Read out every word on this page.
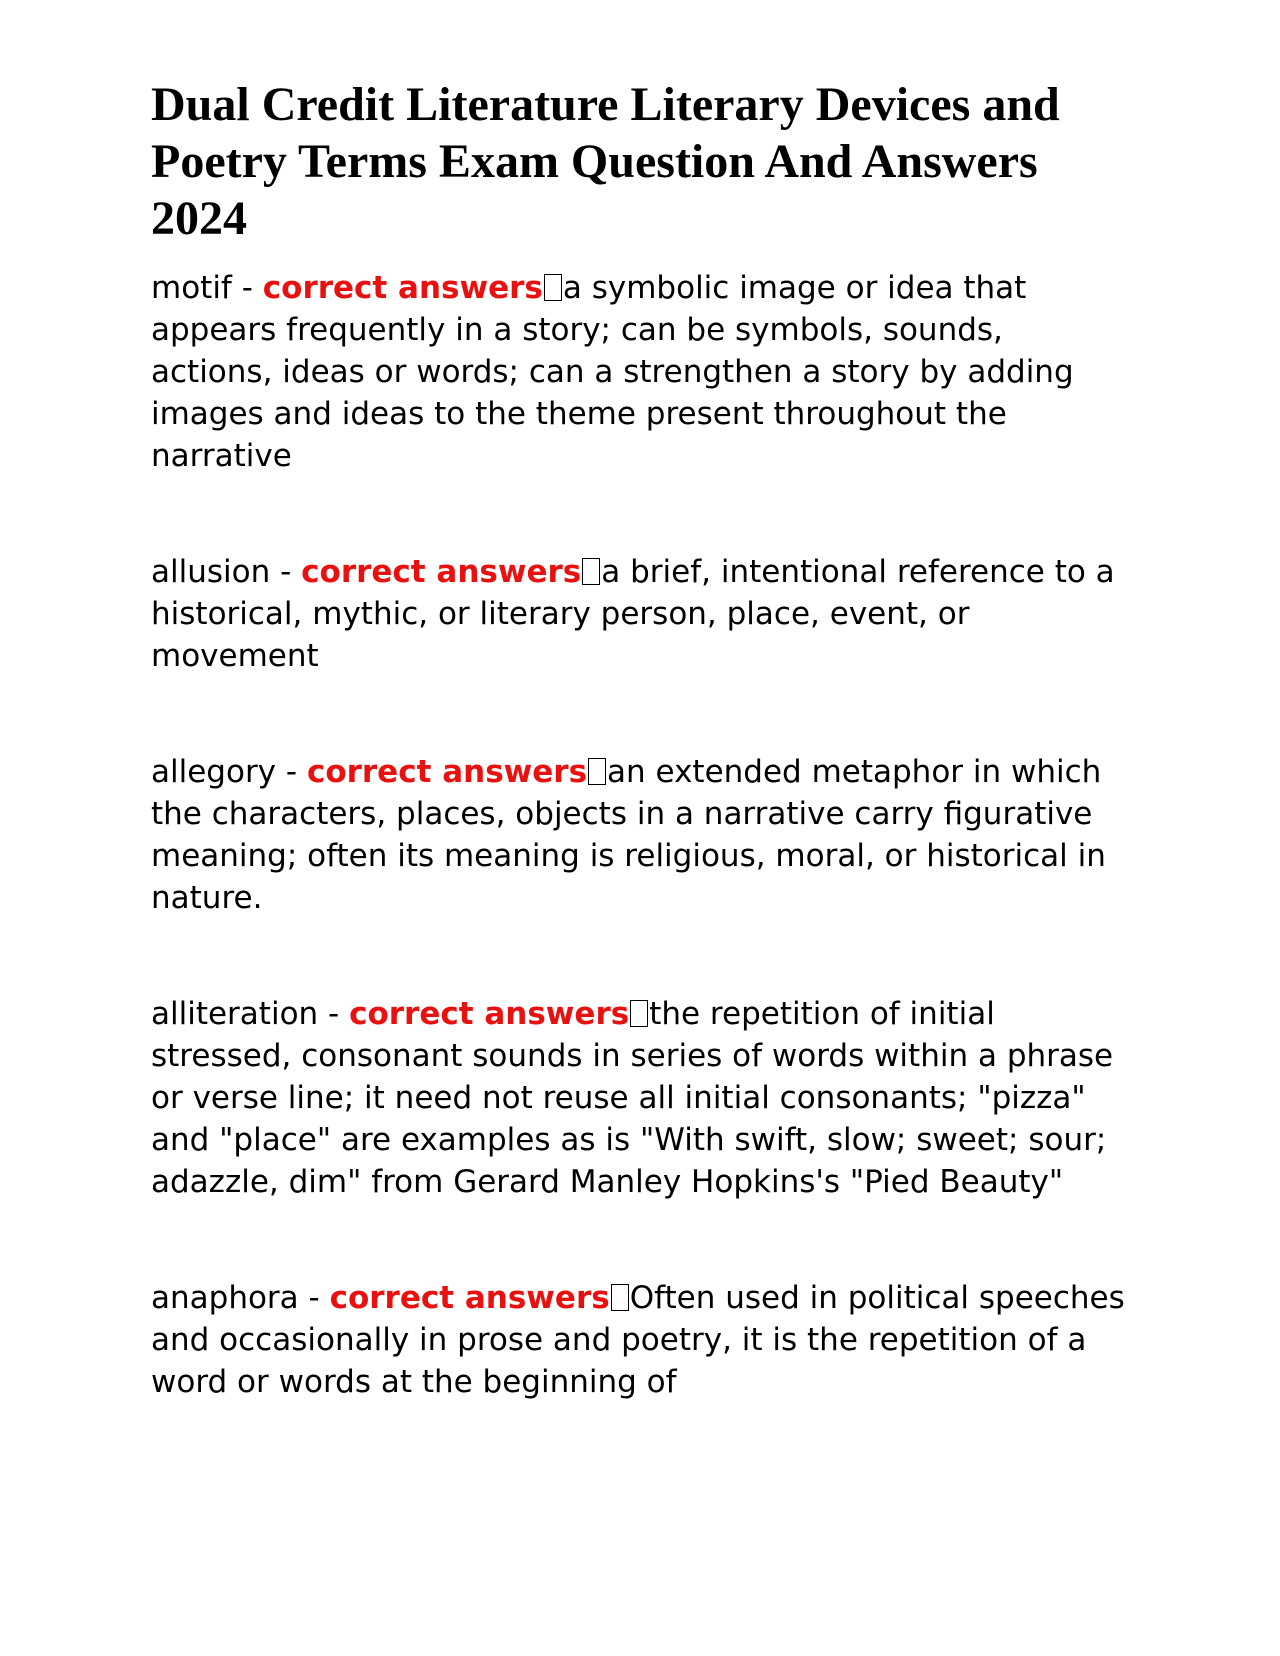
Dual Credit Literature Literary Devices and Poetry Terms Exam Question And Answers 2024

motif - correct answers a symbolic image or idea that appears frequently in a story; can be symbols, sounds, actions, ideas or words; can a strengthen a story by adding images and ideas to the theme present throughout the narrative

allusion - correct answers a brief, intentional reference to a historical, mythic, or literary person, place, event, or movement

allegory - correct answers an extended metaphor in which the characters, places, objects in a narrative carry figurative meaning; often its meaning is religious, moral, or historical in nature.

alliteration - correct answers the repetition of initial stressed, consonant sounds in series of words within a phrase or verse line; it need not reuse all initial consonants; "pizza" and "place" are examples as is "With swift, slow; sweet; sour; adazzle, dim" from Gerard Manley Hopkins's "Pied Beauty"

anaphora - correct answers Often used in political speeches and occasionally in prose and poetry, it is the repetition of a word or words at the beginning of
